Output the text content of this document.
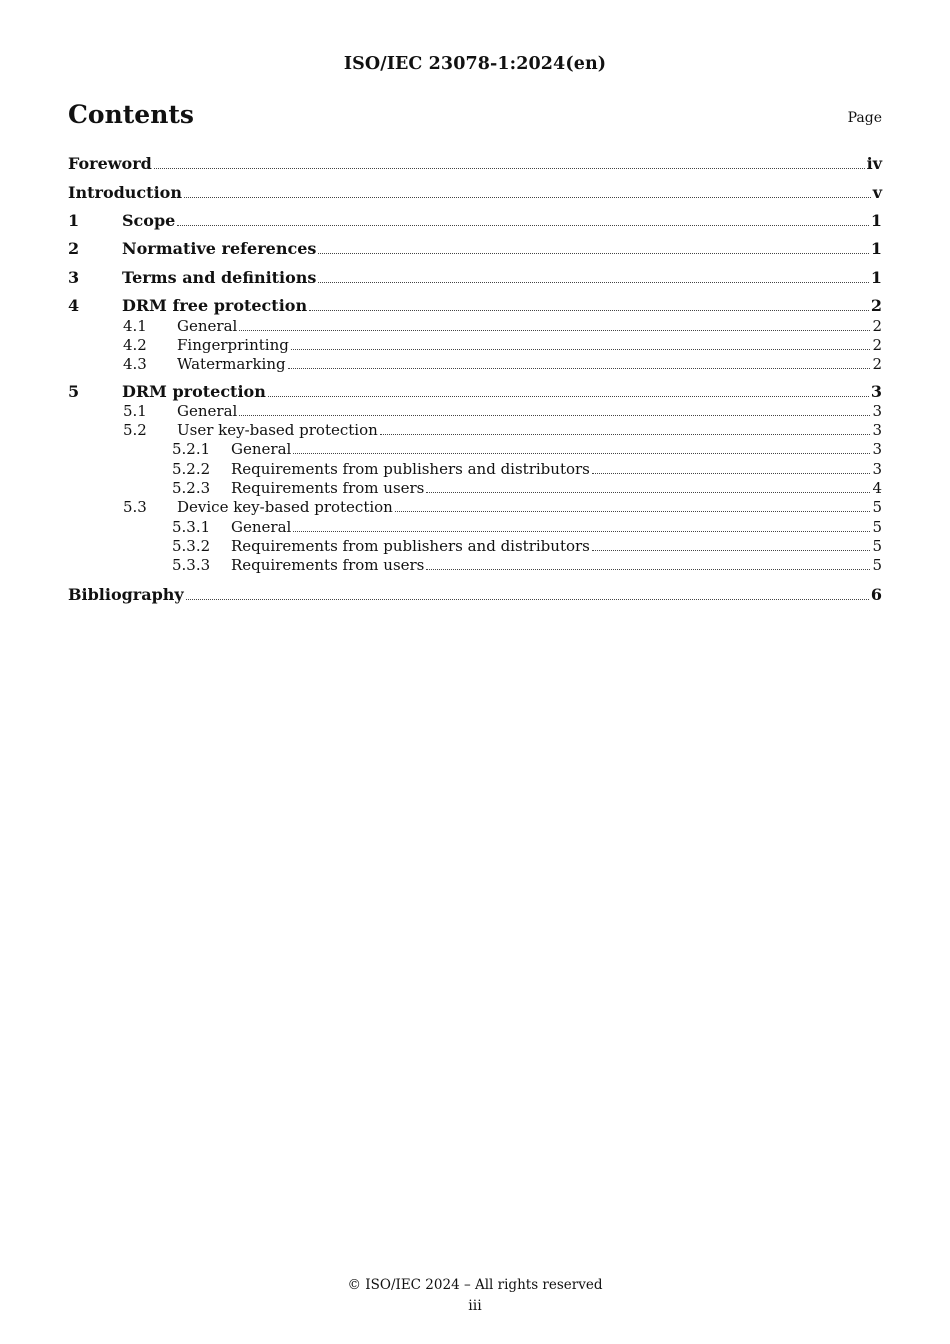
ISO/IEC 23078-1:2024(en)
Contents	Page
Foreword	iv
Introduction	v
1	Scope	1
2	Normative references	1
3	Terms and definitions	1
4	DRM free protection	2
4.1	General	2
4.2	Fingerprinting	2
4.3	Watermarking	2
5	DRM protection	3
5.1	General	3
5.2	User key-based protection	3
5.2.1	General	3
5.2.2	Requirements from publishers and distributors	3
5.2.3	Requirements from users	4
5.3	Device key-based protection	5
5.3.1	General	5
5.3.2	Requirements from publishers and distributors	5
5.3.3	Requirements from users	5
Bibliography	6
© ISO/IEC 2024 – All rights reserved
iii
